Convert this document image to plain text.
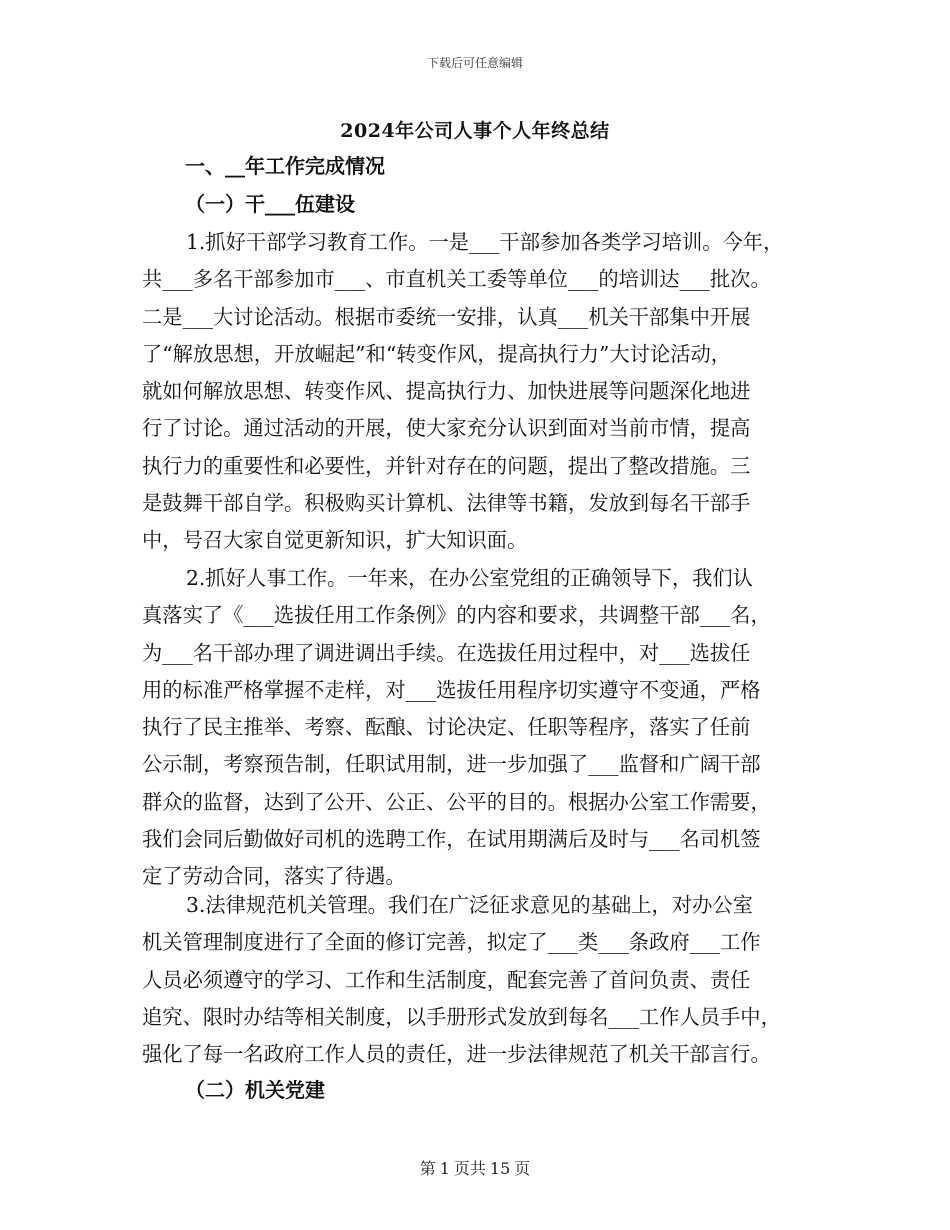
下载后可任意编辑
2024年公司人事个人年终总结
一、__年工作完成情况
（一）干___伍建设
1.抓好干部学习教育工作。一是___干部参加各类学习培训。今年，
共___多名干部参加市___、市直机关工委等单位___的培训达___批次。
二是___大讨论活动。根据市委统一安排，认真___机关干部集中开展
了“解放思想，开放崛起”和“转变作风，提高执行力”大讨论活动，
就如何解放思想、转变作风、提高执行力、加快进展等问题深化地进
行了讨论。通过活动的开展，使大家充分认识到面对当前市情，提高
执行力的重要性和必要性，并针对存在的问题，提出了整改措施。三
是鼓舞干部自学。积极购买计算机、法律等书籍，发放到每名干部手
中，号召大家自觉更新知识，扩大知识面。
2.抓好人事工作。一年来，在办公室党组的正确领导下，我们认
真落实了《___选拔任用工作条例》的内容和要求，共调整干部___名，
为___名干部办理了调进调出手续。在选拔任用过程中，对___选拔任
用的标准严格掌握不走样，对___选拔任用程序切实遵守不变通，严格
执行了民主推举、考察、酝酿、讨论决定、任职等程序，落实了任前
公示制，考察预告制，任职试用制，进一步加强了___监督和广阔干部
群众的监督，达到了公开、公正、公平的目的。根据办公室工作需要，
我们会同后勤做好司机的选聘工作，在试用期满后及时与___名司机签
定了劳动合同，落实了待遇。
3.法律规范机关管理。我们在广泛征求意见的基础上，对办公室
机关管理制度进行了全面的修订完善，拟定了___类___条政府___工作
人员必须遵守的学习、工作和生活制度，配套完善了首问负责、责任
追究、限时办结等相关制度，以手册形式发放到每名___工作人员手中，
强化了每一名政府工作人员的责任，进一步法律规范了机关干部言行。
（二）机关党建
第 1 页共 15 页
